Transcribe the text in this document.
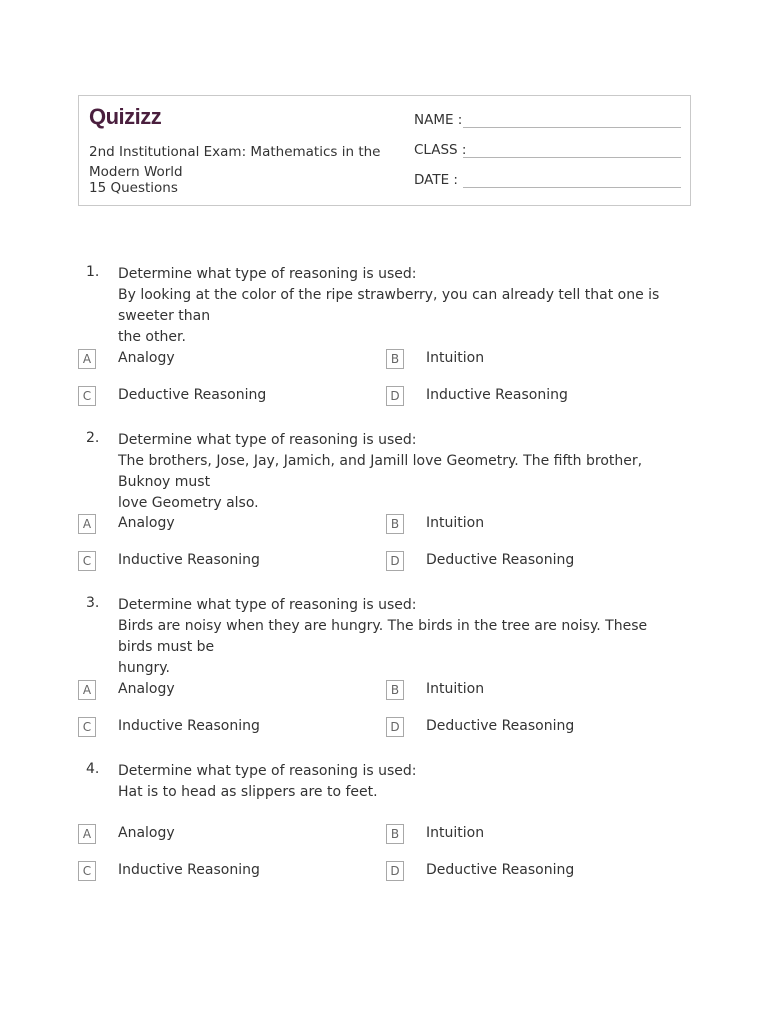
Quizizz
2nd Institutional Exam: Mathematics in the Modern World
15 Questions
NAME :
CLASS :
DATE :
1. Determine what type of reasoning is used:
By looking at the color of the ripe strawberry, you can already tell that one is sweeter than
the other.
A	Analogy	B	Intuition
C	Deductive Reasoning	D	Inductive Reasoning
2. Determine what type of reasoning is used:
The brothers, Jose, Jay, Jamich, and Jamill love Geometry. The fifth brother, Buknoy must
love Geometry also.
A	Analogy	B	Intuition
C	Inductive Reasoning	D	Deductive Reasoning
3. Determine what type of reasoning is used:
Birds are noisy when they are hungry. The birds in the tree are noisy. These birds must be
hungry.
A	Analogy	B	Intuition
C	Inductive Reasoning	D	Deductive Reasoning
4. Determine what type of reasoning is used:
Hat is to head as slippers are to feet.
A	Analogy	B	Intuition
C	Inductive Reasoning	D	Deductive Reasoning
